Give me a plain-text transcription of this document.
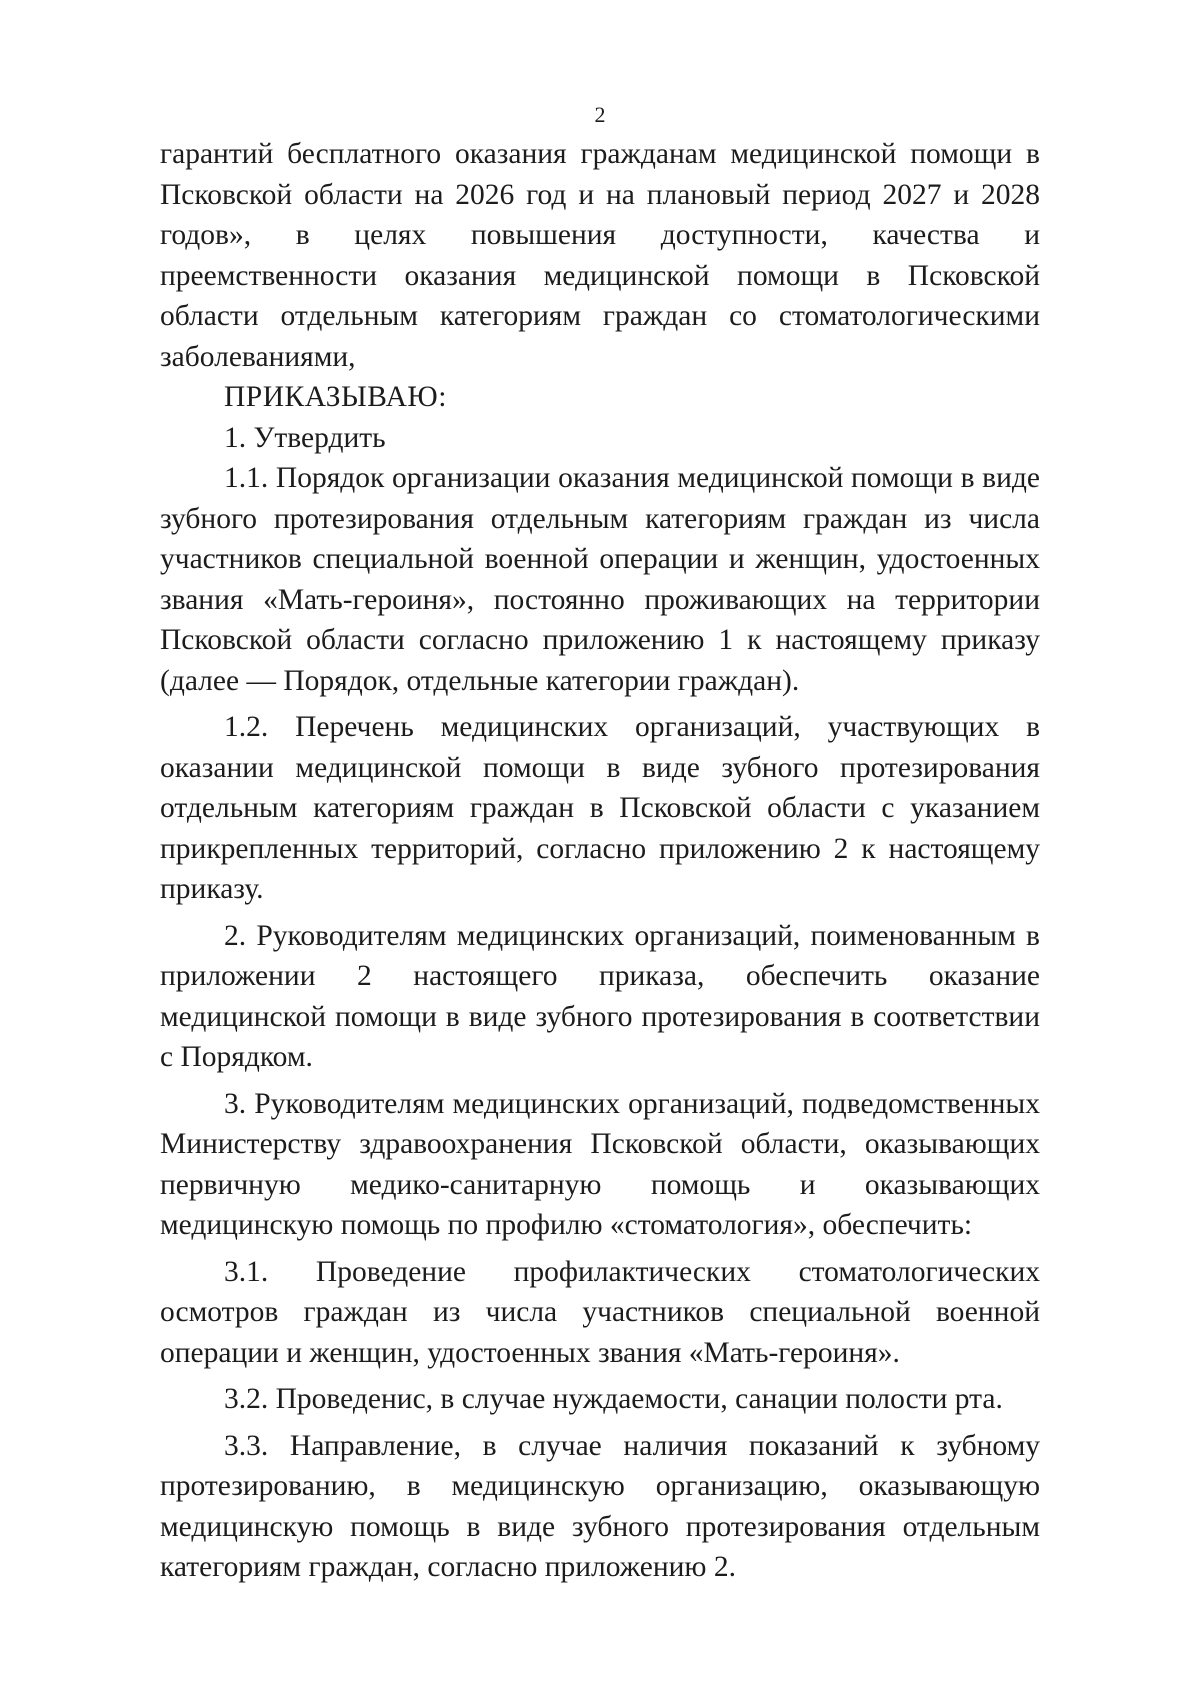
2

гарантий бесплатного оказания гражданам медицинской помощи в Псковской области на 2026 год и на плановый период 2027 и 2028 годов», в целях повышения доступности, качества и преемственности оказания медицинской помощи в Псковской области отдельным категориям граждан со стоматологическими заболеваниями,

ПРИКАЗЫВАЮ:

1. Утвердить

1.1. Порядок организации оказания медицинской помощи в виде зубного протезирования отдельным категориям граждан из числа участников специальной военной операции и женщин, удостоенных звания «Мать-героиня», постоянно проживающих на территории Псковской области согласно приложению 1 к настоящему приказу (далее — Порядок, отдельные категории граждан).

1.2. Перечень медицинских организаций, участвующих в оказании медицинской помощи в виде зубного протезирования отдельным категориям граждан в Псковской области с указанием прикрепленных территорий, согласно приложению 2 к настоящему приказу.

2. Руководителям медицинских организаций, поименованным в приложении 2 настоящего приказа, обеспечить оказание медицинской помощи в виде зубного протезирования в соответствии с Порядком.

3. Руководителям медицинских организаций, подведомственных Министерству здравоохранения Псковской области, оказывающих первичную медико-санитарную помощь и оказывающих медицинскую помощь по профилю «стоматология», обеспечить:

3.1. Проведение профилактических стоматологических осмотров граждан из числа участников специальной военной операции и женщин, удостоенных звания «Мать-героиня».

3.2. Проведенис, в случае нуждаемости, санации полости рта.

3.3. Направление, в случае наличия показаний к зубному протезированию, в медицинскую организацию, оказывающую медицинскую помощь в виде зубного протезирования отдельным категориям граждан, согласно приложению 2.
